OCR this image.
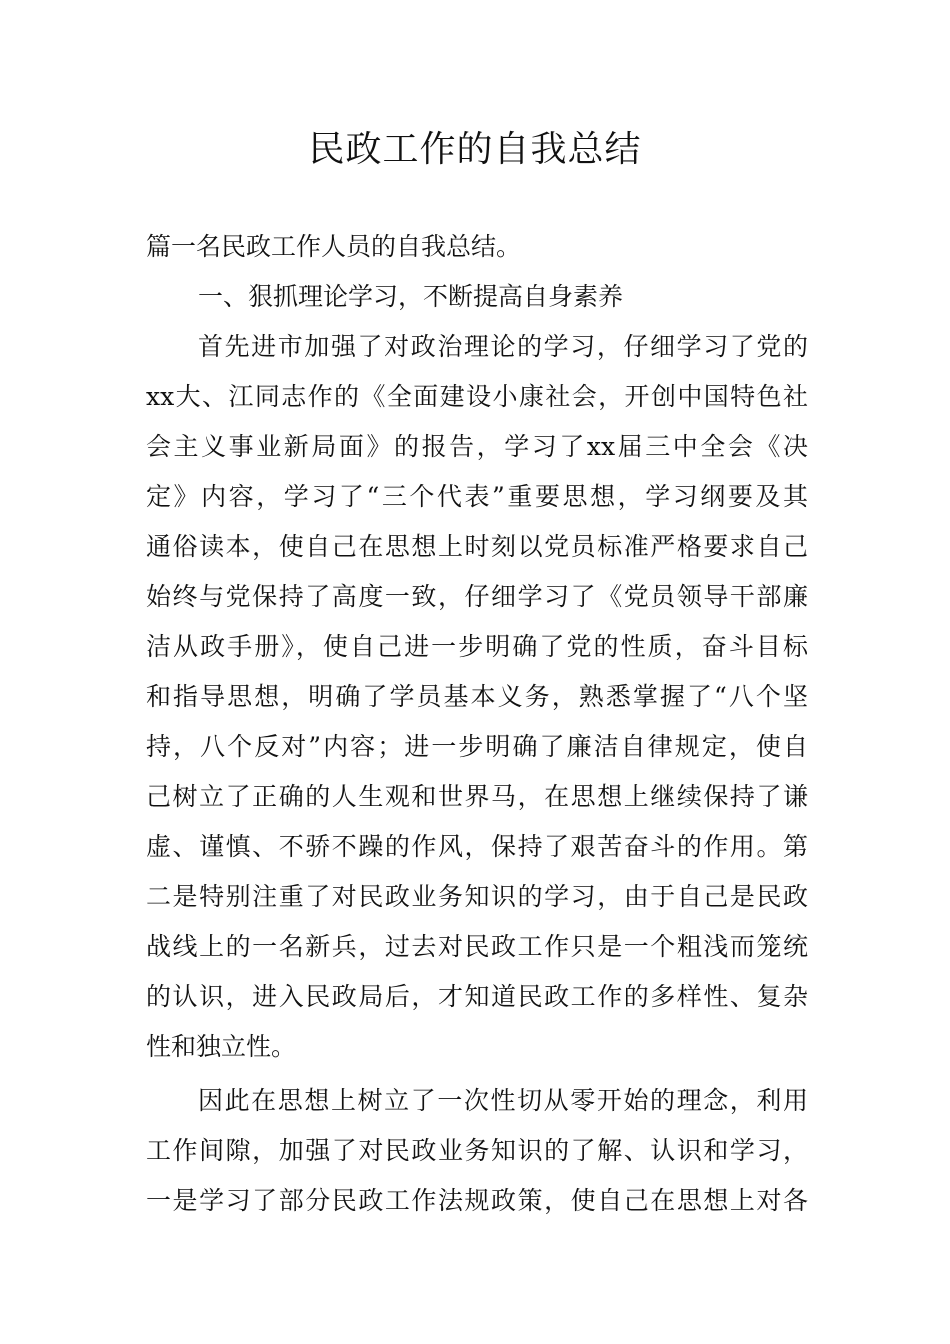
民政工作的自我总结
篇一名民政工作人员的自我总结。
一、狠抓理论学习，不断提高自身素养
首先进市加强了对政治理论的学习，仔细学习了党的
xx大、江同志作的《全面建设小康社会，开创中国特色社
会主义事业新局面》的报告，学习了xx届三中全会《决
定》内容，学习了“三个代表”重要思想，学习纲要及其
通俗读本，使自己在思想上时刻以党员标准严格要求自己
始终与党保持了高度一致，仔细学习了《党员领导干部廉
洁从政手册》，使自己进一步明确了党的性质，奋斗目标
和指导思想，明确了学员基本义务，熟悉掌握了“八个坚
持，八个反对”内容；进一步明确了廉洁自律规定，使自
己树立了正确的人生观和世界马，在思想上继续保持了谦
虚、谨慎、不骄不躁的作风，保持了艰苦奋斗的作用。第
二是特别注重了对民政业务知识的学习，由于自己是民政
战线上的一名新兵，过去对民政工作只是一个粗浅而笼统
的认识，进入民政局后，才知道民政工作的多样性、复杂
性和独立性。
因此在思想上树立了一次性切从零开始的理念，利用
工作间隙，加强了对民政业务知识的了解、认识和学习，
一是学习了部分民政工作法规政策，使自己在思想上对各
